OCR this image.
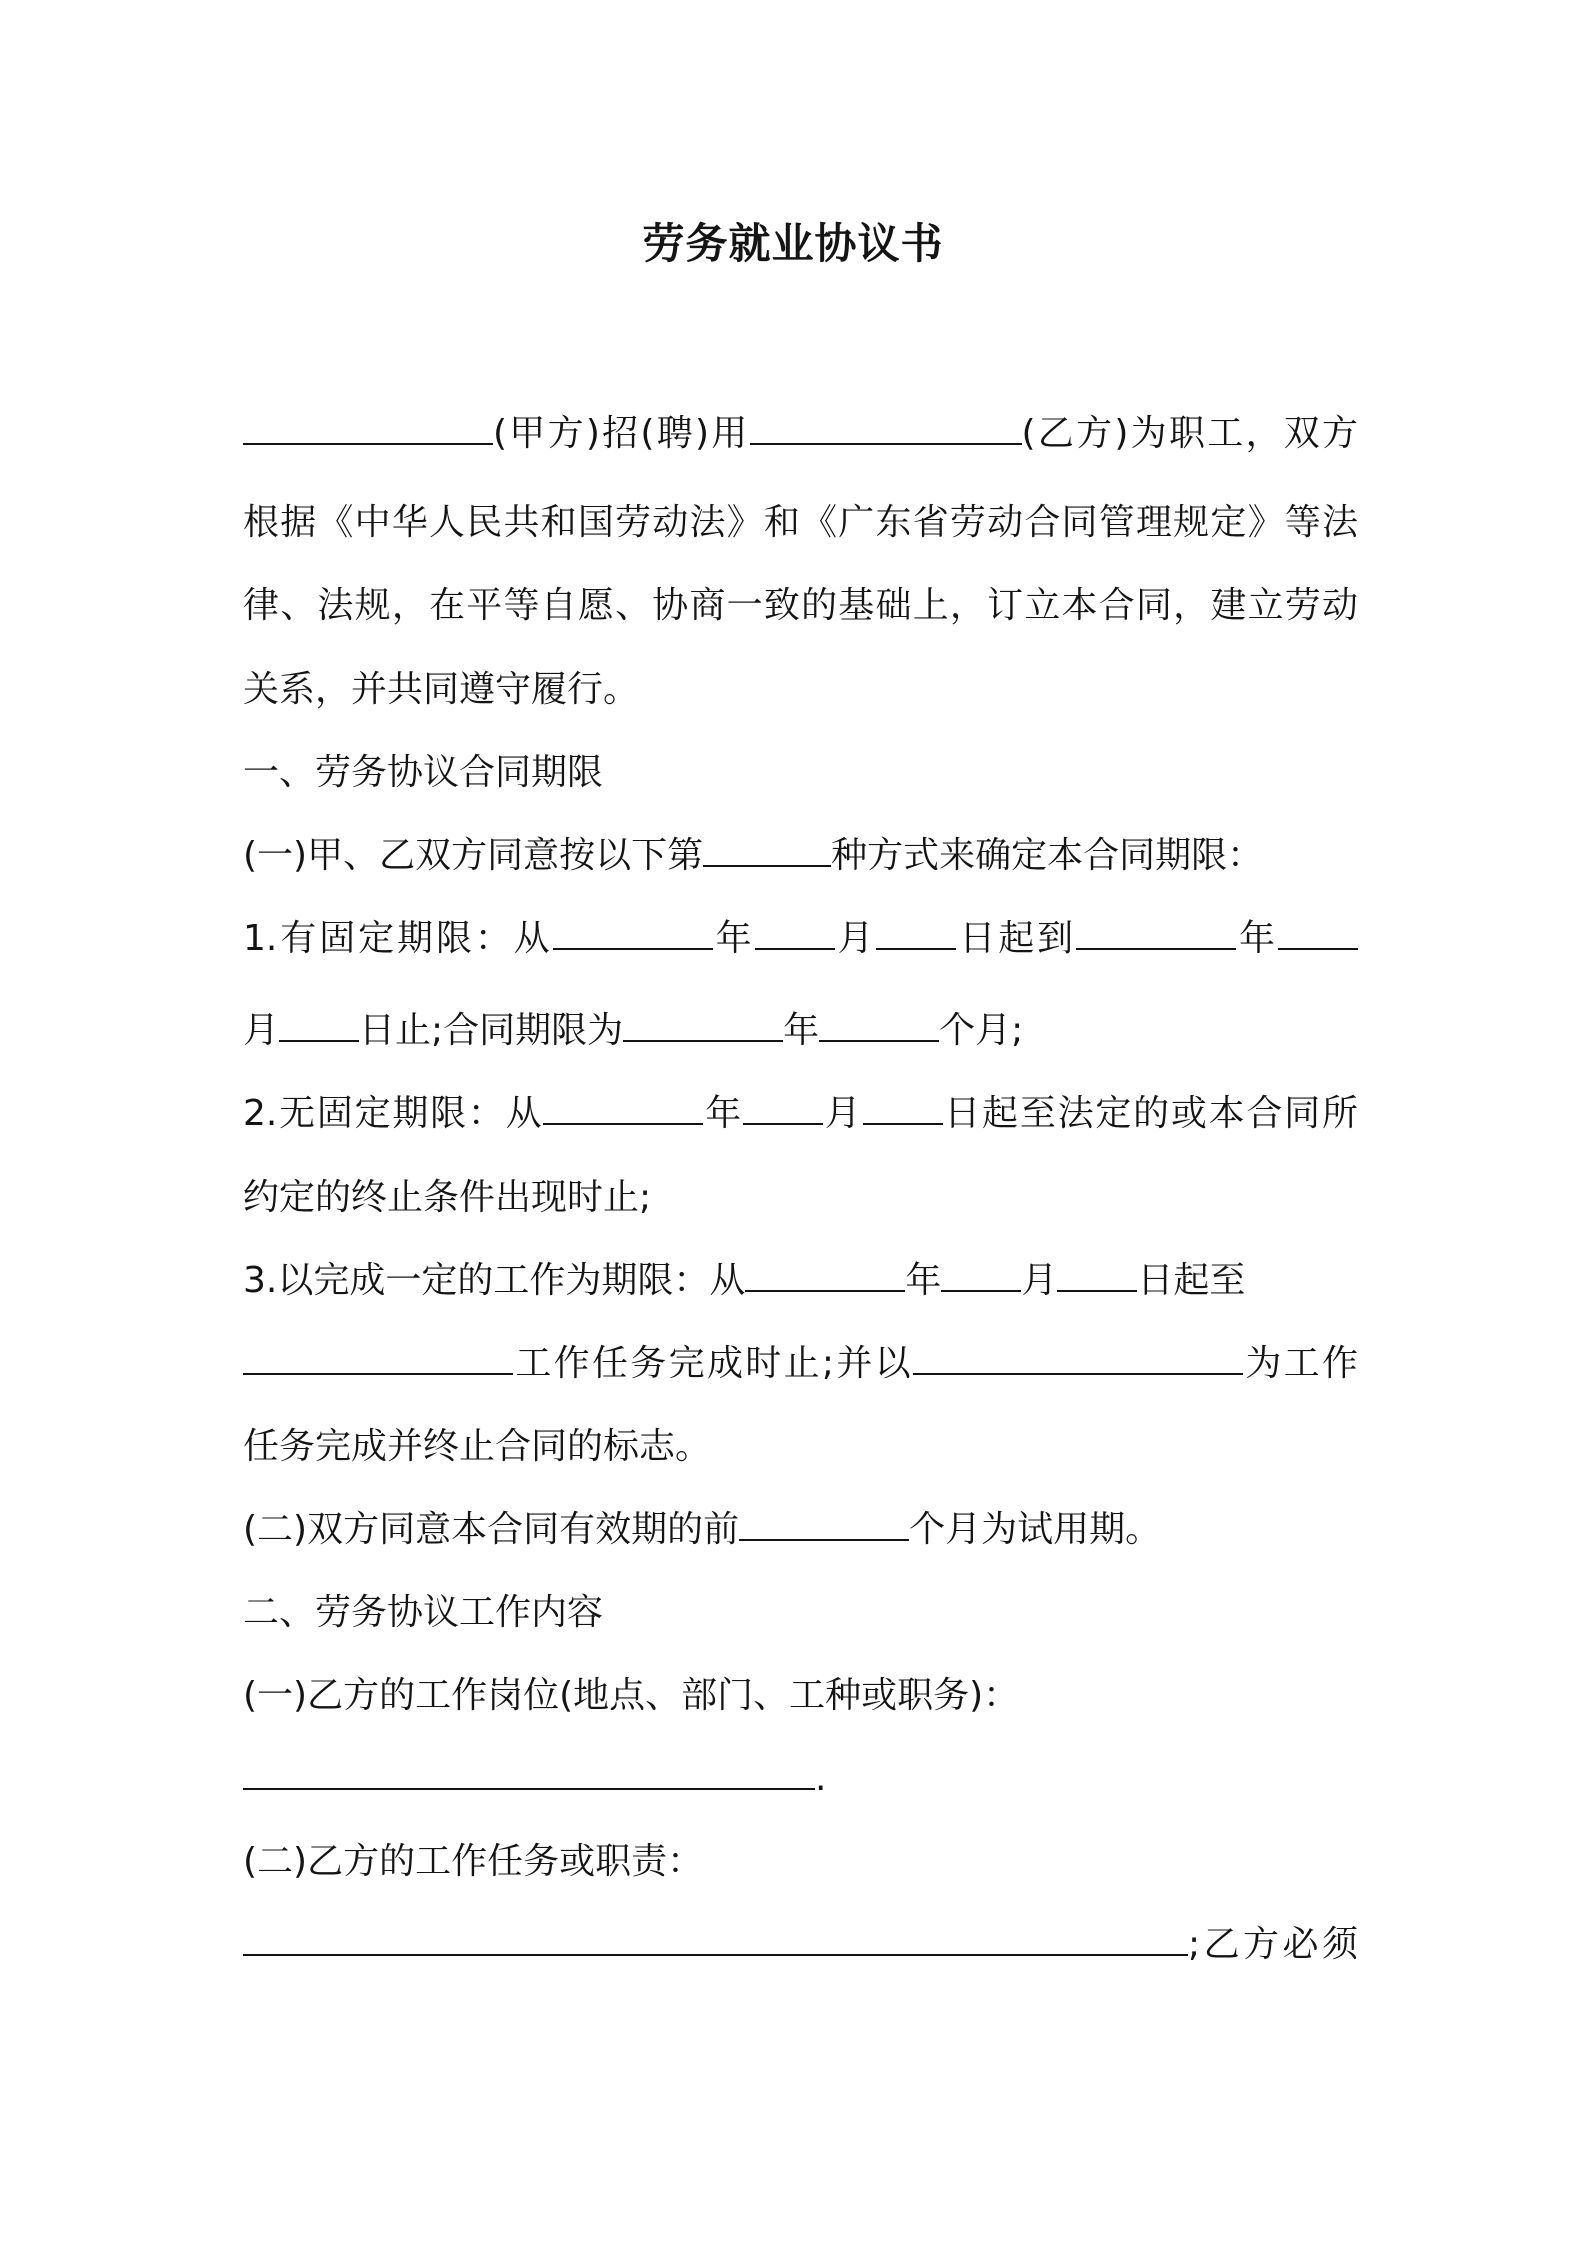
劳务就业协议书
(甲方)招(聘)用	(乙方)为职工，双方
根据《中华人民共和国劳动法》和《广东省劳动合同管理规定》等法
律、法规，在平等自愿、协商一致的基础上，订立本合同，建立劳动
关系，并共同遵守履行。
一、劳务协议合同期限
(一)甲、乙双方同意按以下第	种方式来确定本合同期限：
1.有固定期限：从	年 月 日起到	年
月 日止;合同期限为	年	个月;
2.无固定期限：从	年 月 日起至法定的或本合同所
约定的终止条件出现时止;
3.以完成一定的工作为期限：从	年 月 日起至
工作任务完成时止;并以	为工作
任务完成并终止合同的标志。
(二)双方同意本合同有效期的前	个月为试用期。
二、劳务协议工作内容
(一)乙方的工作岗位(地点、部门、工种或职务)：
.
(二)乙方的工作任务或职责：
;乙方必须
